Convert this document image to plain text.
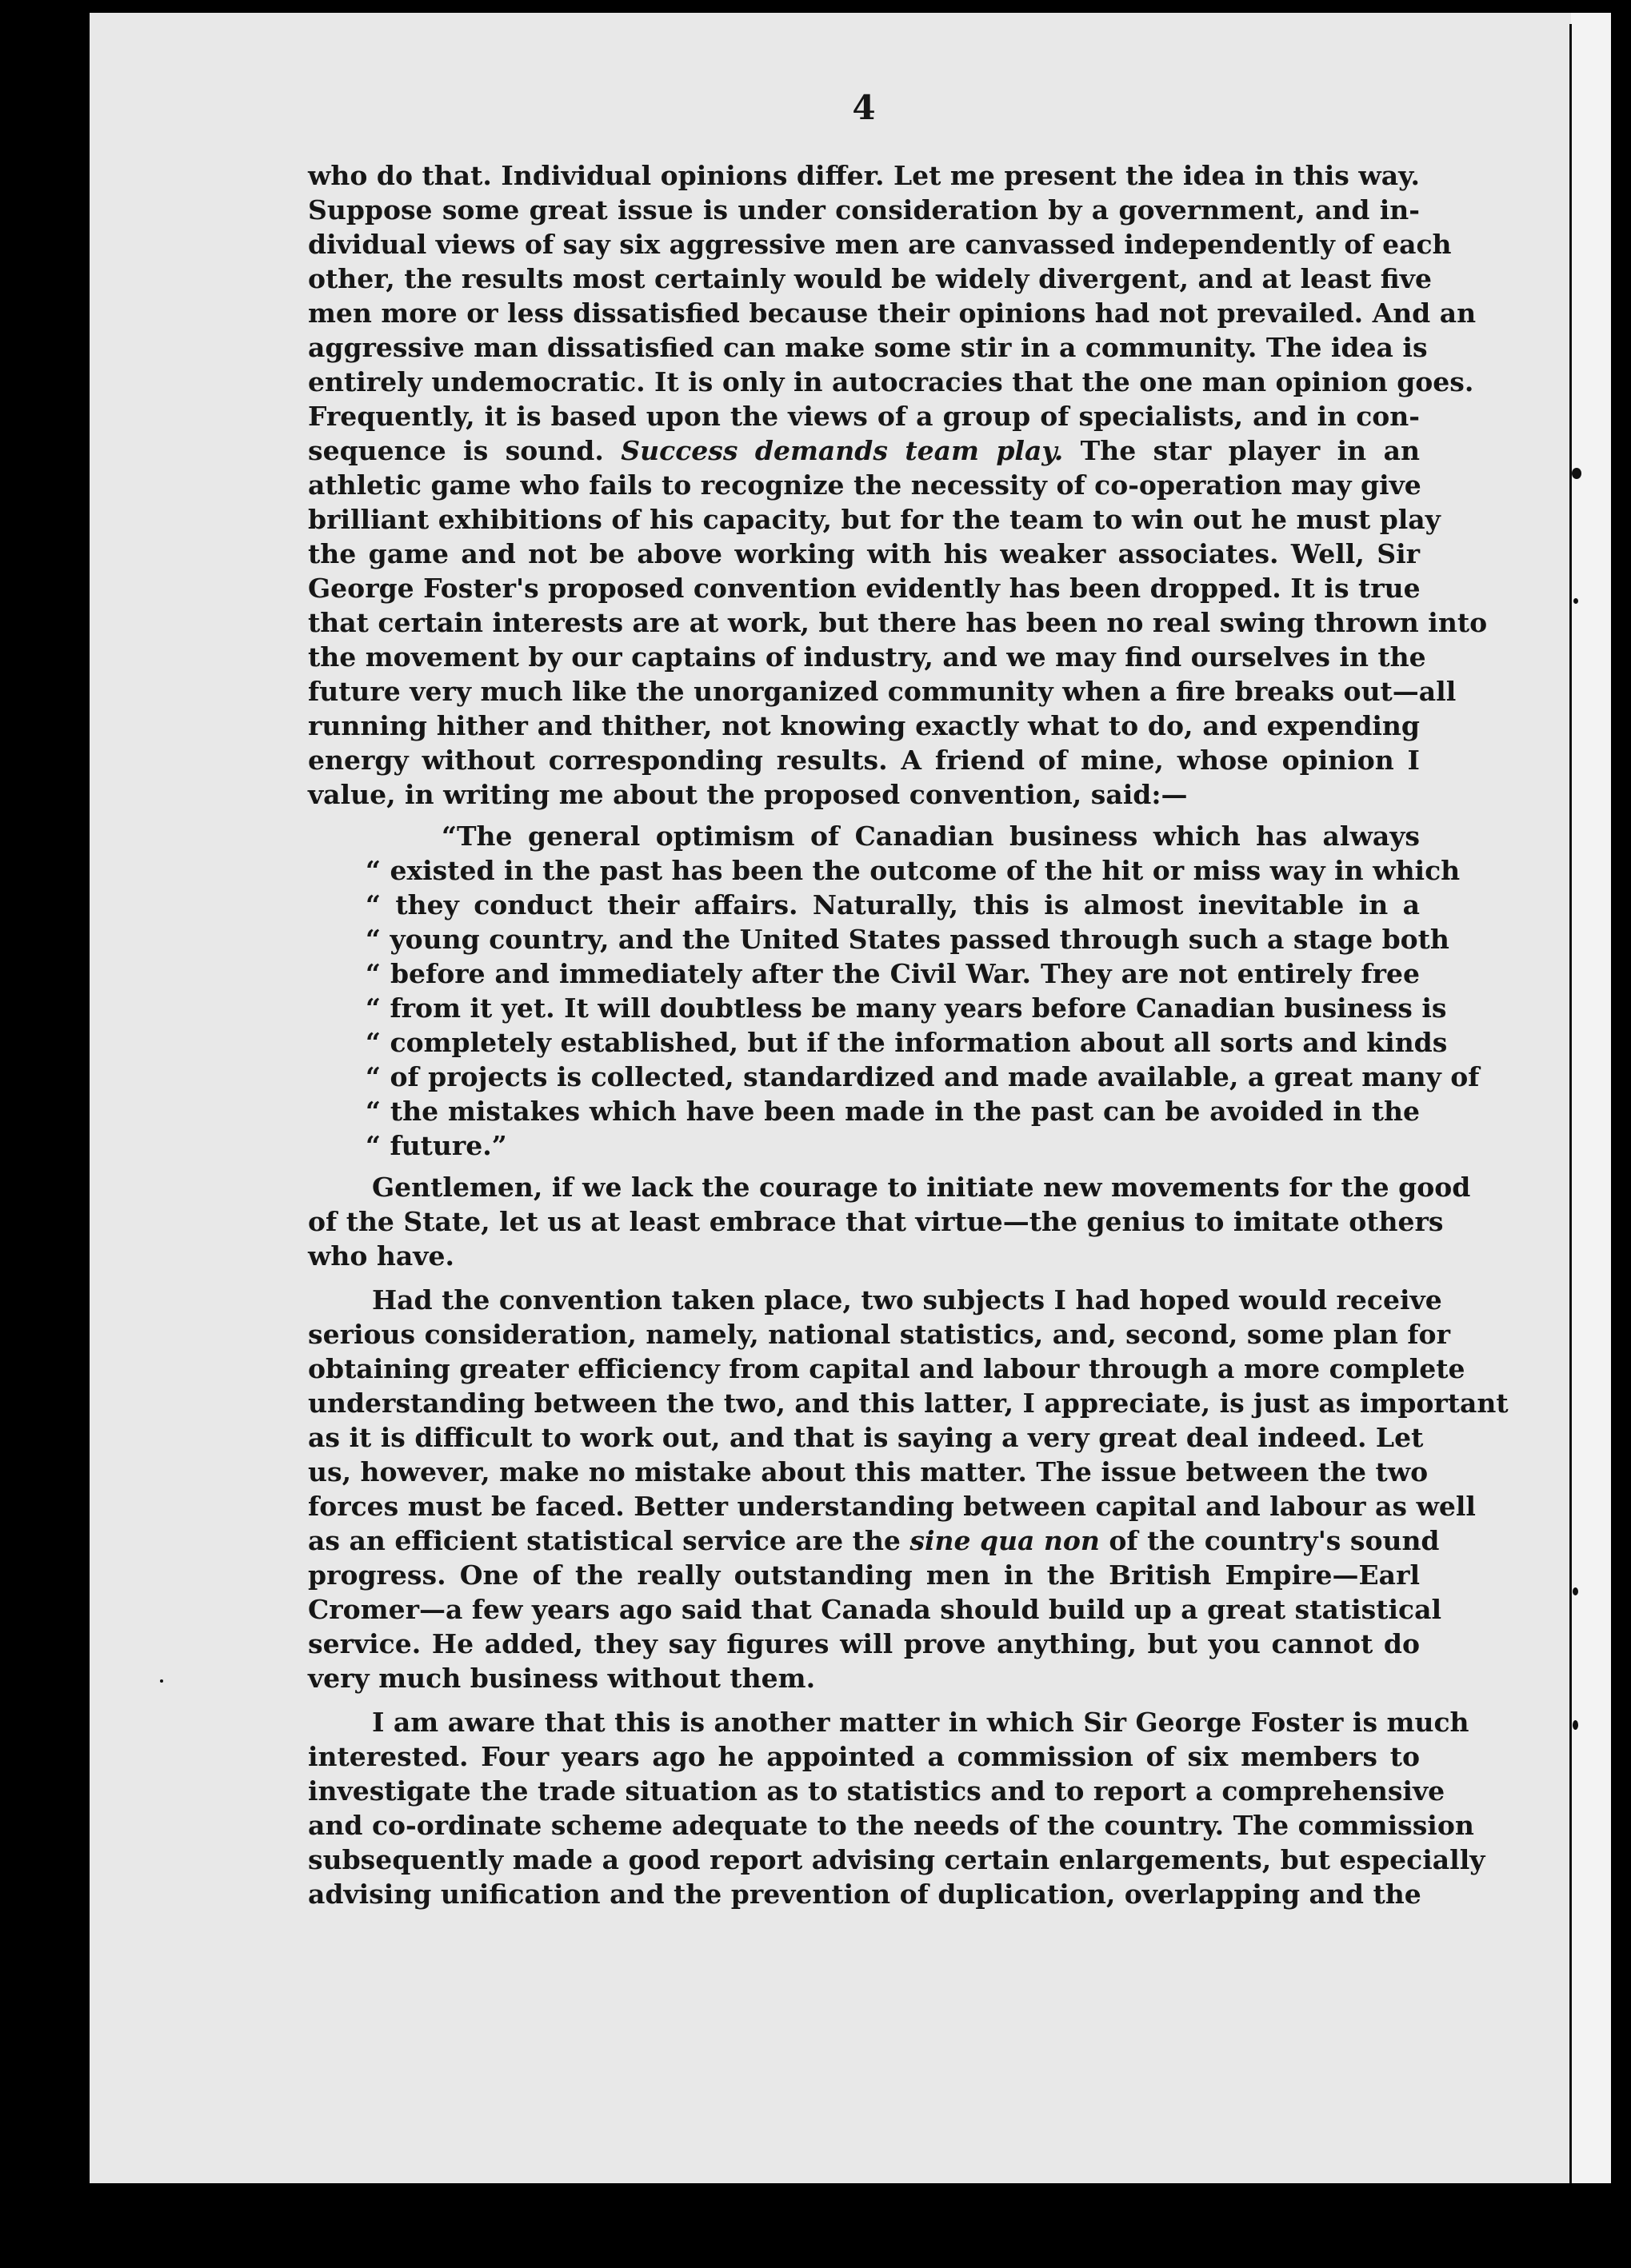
4
who do that. Individual opinions differ. Let me present the idea in this way.
Suppose some great issue is under consideration by a government, and in-
dividual views of say six aggressive men are canvassed independently of each
other, the results most certainly would be widely divergent, and at least five
men more or less dissatisfied because their opinions had not prevailed. And an
aggressive man dissatisfied can make some stir in a community. The idea is
entirely undemocratic. It is only in autocracies that the one man opinion goes.
Frequently, it is based upon the views of a group of specialists, and in con-
sequence is sound. Success demands team play. The star player in an
athletic game who fails to recognize the necessity of co-operation may give
brilliant exhibitions of his capacity, but for the team to win out he must play
the game and not be above working with his weaker associates. Well, Sir
George Foster's proposed convention evidently has been dropped. It is true
that certain interests are at work, but there has been no real swing thrown into
the movement by our captains of industry, and we may find ourselves in the
future very much like the unorganized community when a fire breaks out—all
running hither and thither, not knowing exactly what to do, and expending
energy without corresponding results. A friend of mine, whose opinion I
value, in writing me about the proposed convention, said:—
“The general optimism of Canadian business which has always
“ existed in the past has been the outcome of the hit or miss way in which
“ they conduct their affairs. Naturally, this is almost inevitable in a
“ young country, and the United States passed through such a stage both
“ before and immediately after the Civil War. They are not entirely free
“ from it yet. It will doubtless be many years before Canadian business is
“ completely established, but if the information about all sorts and kinds
“ of projects is collected, standardized and made available, a great many of
“ the mistakes which have been made in the past can be avoided in the
“ future.”
Gentlemen, if we lack the courage to initiate new movements for the good
of the State, let us at least embrace that virtue—the genius to imitate others
who have.
Had the convention taken place, two subjects I had hoped would receive
serious consideration, namely, national statistics, and, second, some plan for
obtaining greater efficiency from capital and labour through a more complete
understanding between the two, and this latter, I appreciate, is just as important
as it is difficult to work out, and that is saying a very great deal indeed. Let
us, however, make no mistake about this matter. The issue between the two
forces must be faced. Better understanding between capital and labour as well
as an efficient statistical service are the sine qua non of the country's sound
progress. One of the really outstanding men in the British Empire—Earl
Cromer—a few years ago said that Canada should build up a great statistical
service. He added, they say figures will prove anything, but you cannot do
very much business without them.
I am aware that this is another matter in which Sir George Foster is much
interested. Four years ago he appointed a commission of six members to
investigate the trade situation as to statistics and to report a comprehensive
and co-ordinate scheme adequate to the needs of the country. The commission
subsequently made a good report advising certain enlargements, but especially
advising unification and the prevention of duplication, overlapping and the
